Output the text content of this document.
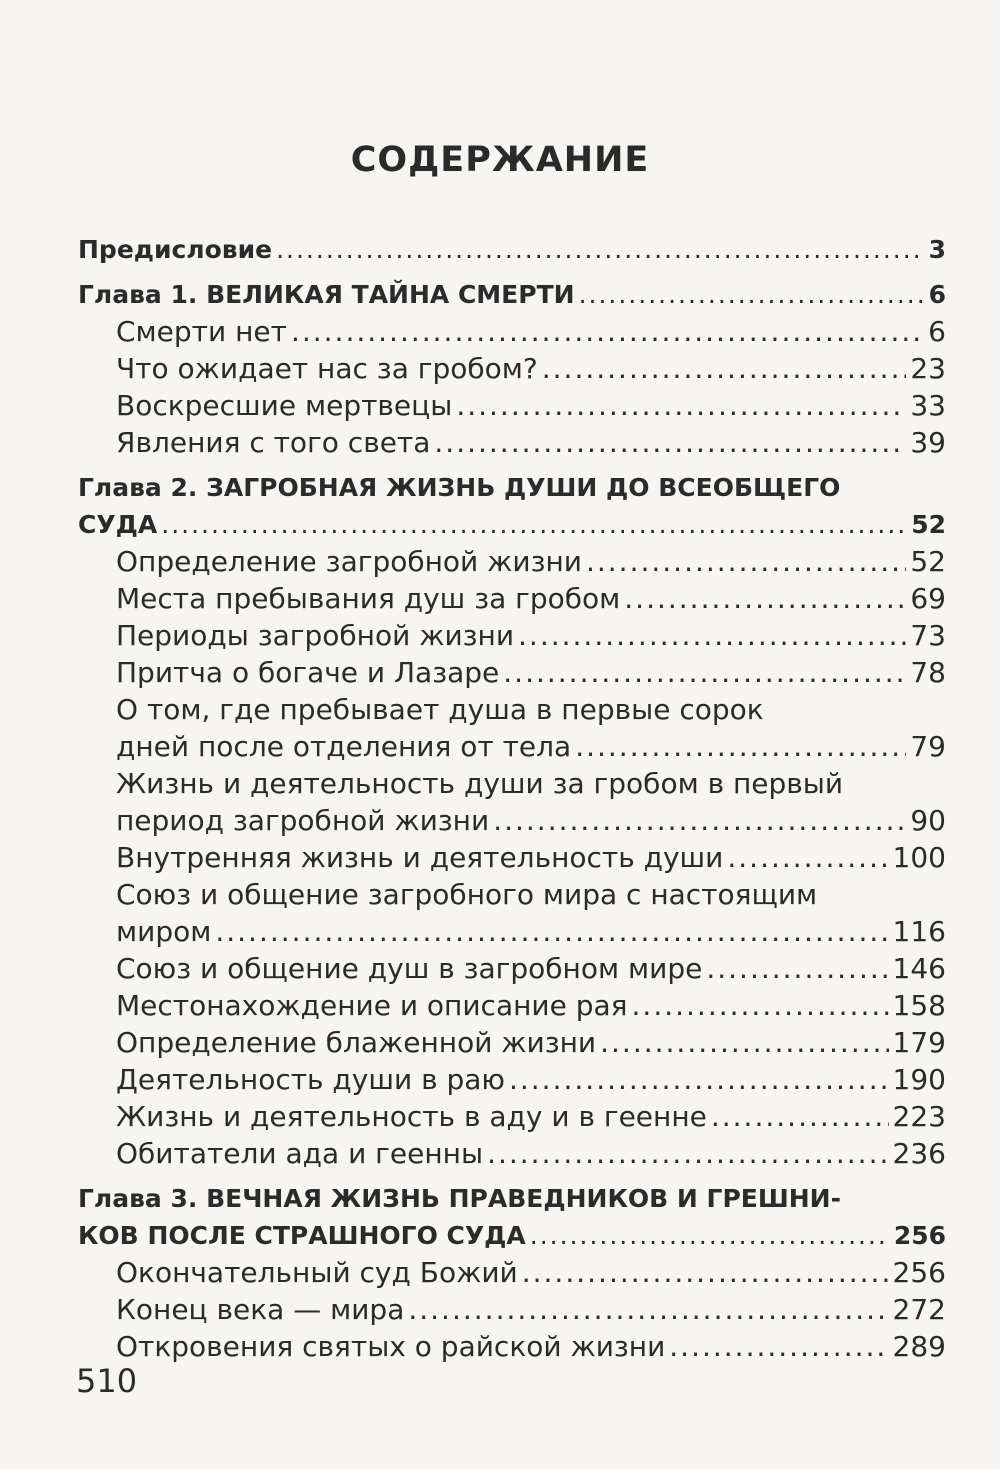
СОДЕРЖАНИЕ
Предисловие .....	3
Глава 1. ВЕЛИКАЯ ТАЙНА СМЕРТИ .....	6
Смерти нет .....	6
Что ожидает нас за гробом? .....	23
Воскресшие мертвецы .....	33
Явления с того света .....	39
Глава 2. ЗАГРОБНАЯ ЖИЗНЬ ДУШИ ДО ВСЕОБЩЕГО
СУДА .....	52
Определение загробной жизни .....	52
Места пребывания душ за гробом .....	69
Периоды загробной жизни .....	73
Притча о богаче и Лазаре .....	78
О том, где пребывает душа в первые сорок
дней после отделения от тела .....	79
Жизнь и деятельность души за гробом в первый
период загробной жизни .....	90
Внутренняя жизнь и деятельность души .....	100
Союз и общение загробного мира с настоящим
миром .....	116
Союз и общение душ в загробном мире .....	146
Местонахождение и описание рая .....	158
Определение блаженной жизни .....	179
Деятельность души в раю .....	190
Жизнь и деятельность в аду и в геенне .....	223
Обитатели ада и геенны .....	236
Глава 3. ВЕЧНАЯ ЖИЗНЬ ПРАВЕДНИКОВ И ГРЕШНИ-
КОВ ПОСЛЕ СТРАШНОГО СУДА .....	256
Окончательный суд Божий .....	256
Конец века — мира .....	272
Откровения святых о райской жизни .....	289
510
